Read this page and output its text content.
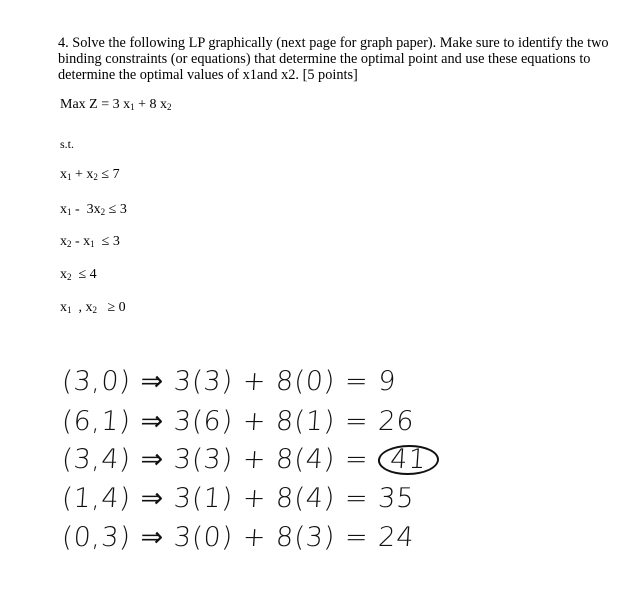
4. Solve the following LP graphically (next page for graph paper). Make sure to identify the two binding constraints (or equations) that determine the optimal point and use these equations to determine the optimal values of x1and x2. [5 points]

Max Z = 3 $x_1 + 8$ $x_2$
s.t.
$x_1 + x_2 \le 7$
$x_1 - 3x_2 \le 3$
$x_2 - x_1 \le 3$
$x_2 \le 4$
$x_1$  , $x_2 \ge 0$
(3,0) ⇒ 3(3) + 8(0) = 9
(6,1) ⇒ 3(6) + 8(1) = 26
(3,4) ⇒ 3(3) + 8(4) = 41
(1,4) ⇒ 3(1) + 8(4) = 35
(0,3) ⇒ 3(0) + 8(3) = 24
